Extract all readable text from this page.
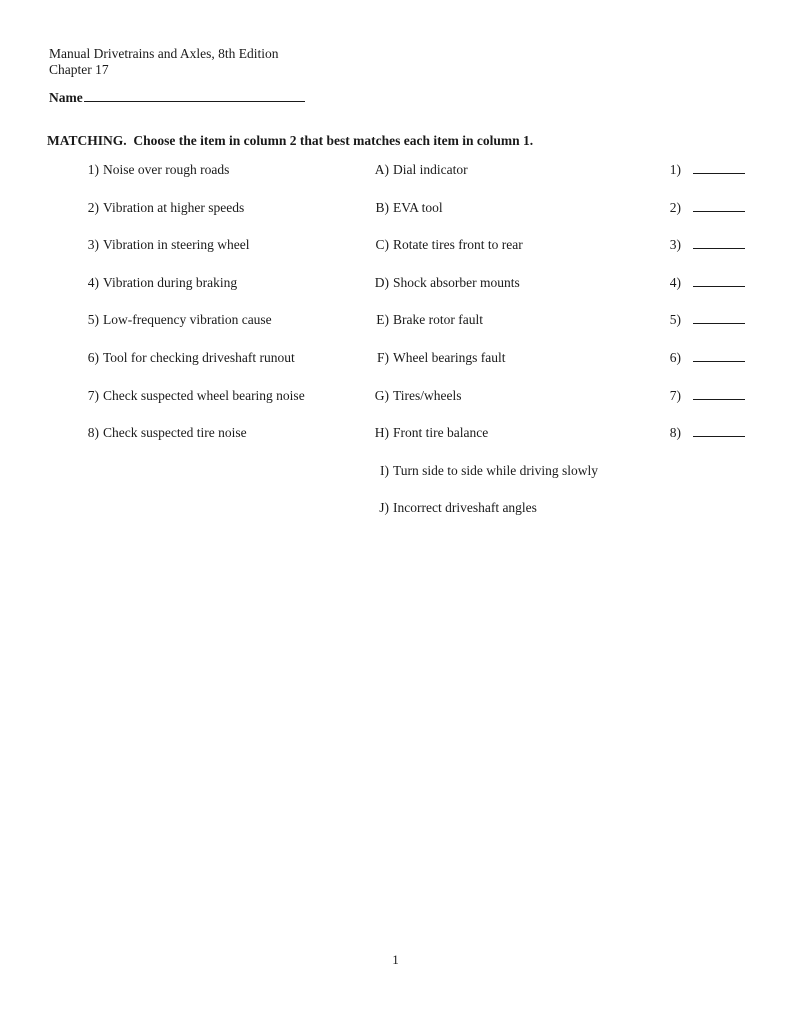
Manual Drivetrains and Axles, 8th Edition
Chapter 17
Name
MATCHING.  Choose the item in column 2 that best matches each item in column 1.
1) Noise over rough roads
2) Vibration at higher speeds
3) Vibration in steering wheel
4) Vibration during braking
5) Low-frequency vibration cause
6) Tool for checking driveshaft runout
7) Check suspected wheel bearing noise
8) Check suspected tire noise
A) Dial indicator
B) EVA tool
C) Rotate tires front to rear
D) Shock absorber mounts
E) Brake rotor fault
F) Wheel bearings fault
G) Tires/wheels
H) Front tire balance
I) Turn side to side while driving slowly
J) Incorrect driveshaft angles
1)
2)
3)
4)
5)
6)
7)
8)
1
